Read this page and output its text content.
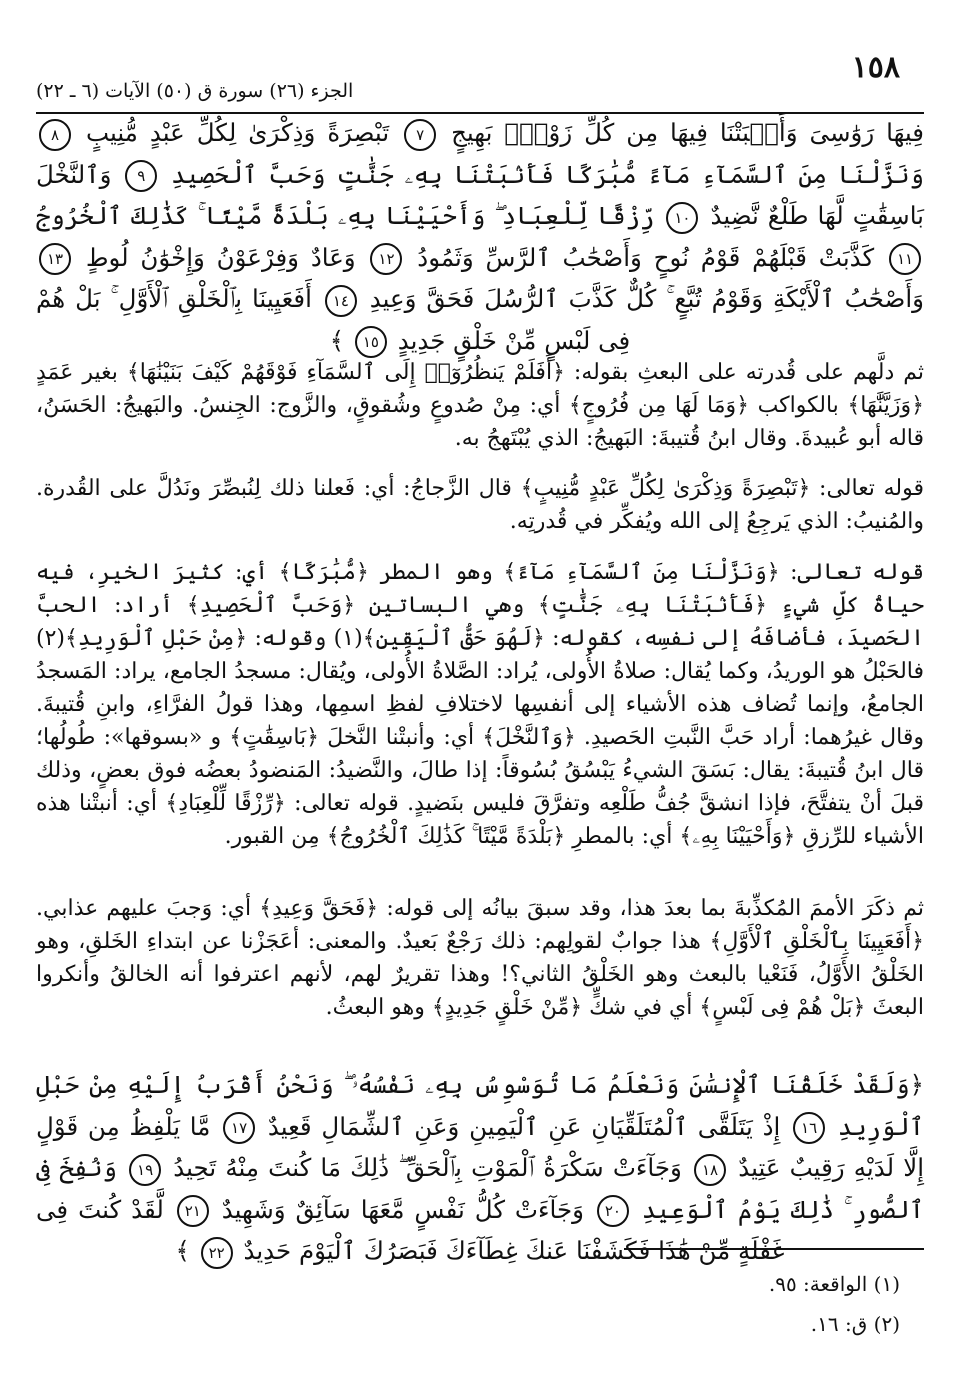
١٥٨
الجزء (٢٦) سورة ق (٥٠) الآيات (٦ ـ ٢٢)
فِيهَا رَوَٰسِىَ وَأَنۢبَتْنَا فِيهَا مِن كُلِّ زَوْجٍۭ بَهِيجٍ ٧ تَبْصِرَةً وَذِكْرَىٰ لِكُلِّ عَبْدٍ مُّنِيبٍ ٨ وَنَزَّلْنَا مِنَ ٱلسَّمَآءِ مَآءً مُّبَٰرَكًا فَأَنۢبَتْنَا بِهِۦ جَنَّٰتٍ وَحَبَّ ٱلْحَصِيدِ ٩ وَٱلنَّخْلَ بَاسِقَٰتٍ لَّهَا طَلْعٌ نَّضِيدٌ ١٠ رِّزْقًا لِّلْعِبَادِ ۖ وَأَحْيَيْنَا بِهِۦ بَلْدَةً مَّيْتًا ۚ كَذَٰلِكَ ٱلْخُرُوجُ ١١ كَذَّبَتْ قَبْلَهُمْ قَوْمُ نُوحٍ وَأَصْحَٰبُ ٱلرَّسِّ وَثَمُودُ ١٢ وَعَادٌ وَفِرْعَوْنُ وَإِخْوَٰنُ لُوطٍ ١٣ وَأَصْحَٰبُ ٱلْأَيْكَةِ وَقَوْمُ تُبَّعٍ ۚ كُلٌّ كَذَّبَ ٱلرُّسُلَ فَحَقَّ وَعِيدِ ١٤ أَفَعَيِينَا بِٱلْخَلْقِ ٱلْأَوَّلِ ۚ بَلْ هُمْ فِى لَبْسٍ مِّنْ خَلْقٍ جَدِيدٍ ١٥ ﴾
ثم دلَّهم على قُدرته على البعثِ بقوله: ﴿أَفَلَمْ يَنظُرُوٓا۟ إِلَى ٱلسَّمَآءِ فَوْقَهُمْ كَيْفَ بَنَيْنَٰهَا﴾ بغير عَمَدٍ ﴿وَزَيَّنَّٰهَا﴾ بالكواكب ﴿وَمَا لَهَا مِن فُرُوجٍ﴾ أي: مِنْ صُدوعٍ وشُقوقٍ، والزَّوج: الجِنسُ. والبَهيجُ: الحَسَنُ، قاله أبو عُبيدةَ. وقال ابنُ قُتيبةَ: البَهيجُ: الذي يُبْتَهجُ به.
قوله تعالى: ﴿تَبْصِرَةً وَذِكْرَىٰ لِكُلِّ عَبْدٍ مُّنِيبٍ﴾ قال الزَّجاجُ: أي: فَعلنا ذلك لِنُبصِّرَ ونَدُلَّ على القُدرة. والمُنيبُ: الذي يَرجِعُ إلى الله ويُفكِّر في قُدرتِه.
قوله تعالى: ﴿وَنَزَّلْنَا مِنَ ٱلسَّمَآءِ مَآءً﴾ وهو المطر ﴿مُّبَٰرَكًا﴾ أي: كثيرَ الخيرِ، فيه حياةُ كلِّ شيءٍ ﴿فَأَنۢبَتْنَا بِهِۦ جَنَّٰتٍ﴾ وهي البساتين ﴿وَحَبَّ ٱلْحَصِيدِ﴾ أراد: الحبَّ الحَصيدَ، فأضافَهُ إلى نفسِه، كقوله: ﴿لَهُوَ حَقُّ ٱلْيَقِينِ﴾(١) وقوله: ﴿مِنْ حَبْلِ ٱلْوَرِيدِ﴾(٢) فالحَبْلُ هو الوريدُ، وكما يُقال: صلاةُ الأُولى، يُراد: الصَّلاةُ الأُولى، ويُقال: مسجدُ الجامع، يراد: المَسجدُ الجامعُ، وإنما تُضاف هذه الأشياء إلى أنفسِها لاختلافِ لفظِ اسمِها، وهذا قولُ الفرَّاءِ، وابنِ قُتيبةَ. وقال غيرُهما: أراد حَبَّ النَّبتِ الحَصيدِ. ﴿وَٱلنَّخْلَ﴾ أي: وأنبتْنا النَّخلَ ﴿بَاسِقَٰتٍ﴾ و «بسوقها»: طُولُها؛ قال ابنُ قُتيبةَ: يقال: بَسَقَ الشيءُ يَبْسُقُ بُسُوقاً: إذا طالَ، والنَّضيدُ: المَنضودُ بعضُه فوق بعضٍ، وذلك قبلَ أنْ يتفتَّحَ، فإذا انشقَّ جُفُّ طَلْعِه وتفرَّقَ فليس بنَضيدٍ. قوله تعالى: ﴿رِّزْقًا لِّلْعِبَادِ﴾ أي: أنبتْنا هذه الأشياء للرِّزقِ ﴿وَأَحْيَيْنَا بِهِۦ﴾ أي: بالمطرِ ﴿بَلْدَةً مَّيْتًا ۚ كَذَٰلِكَ ٱلْخُرُوجُ﴾ مِن القبور.
ثم ذكَرَ الأممَ المُكذِّبةَ بما بعدَ هذا، وقد سبقَ بيانُه إلى قوله: ﴿فَحَقَّ وَعِيدِ﴾ أي: وَجبَ عليهم عذابي. ﴿أَفَعَيِينَا بِٱلْخَلْقِ ٱلْأَوَّلِ﴾ هذا جوابٌ لقولِهم: ذلك رَجْعٌ بَعيدٌ. والمعنى: أعَجَزْنا عن ابتداءِ الخَلقِ، وهو الخَلْقُ الأَوَّلُ، فَنَعْيا بالبعث وهو الخَلْقُ الثاني؟! وهذا تقريرٌ لهم، لأنهم اعترفوا أنه الخالقُ وأنكروا البعثَ ﴿بَلْ هُمْ فِى لَبْسٍ﴾ أي في شكٍّ ﴿مِّنْ خَلْقٍ جَدِيدٍ﴾ وهو البعثُ.
﴿وَلَقَدْ خَلَقْنَا ٱلْإِنسَٰنَ وَنَعْلَمُ مَا تُوَسْوِسُ بِهِۦ نَفْسُهُۥ ۖ وَنَحْنُ أَقْرَبُ إِلَيْهِ مِنْ حَبْلِ ٱلْوَرِيدِ ١٦ إِذْ يَتَلَقَّى ٱلْمُتَلَقِّيَانِ عَنِ ٱلْيَمِينِ وَعَنِ ٱلشِّمَالِ قَعِيدٌ ١٧ مَّا يَلْفِظُ مِن قَوْلٍ إِلَّا لَدَيْهِ رَقِيبٌ عَتِيدٌ ١٨ وَجَآءَتْ سَكْرَةُ ٱلْمَوْتِ بِٱلْحَقِّ ۖ ذَٰلِكَ مَا كُنتَ مِنْهُ تَحِيدُ ١٩ وَنُفِخَ فِى ٱلصُّورِ ۚ ذَٰلِكَ يَوْمُ ٱلْوَعِيدِ ٢٠ وَجَآءَتْ كُلُّ نَفْسٍ مَّعَهَا سَآئِقٌ وَشَهِيدٌ ٢١ لَّقَدْ كُنتَ فِى غَفْلَةٍ مِّنْ هَٰذَا فَكَشَفْنَا عَنكَ غِطَآءَكَ فَبَصَرُكَ ٱلْيَوْمَ حَدِيدٌ ٢٢ ﴾
(١) الواقعة: ٩٥.
(٢) ق: ١٦.
